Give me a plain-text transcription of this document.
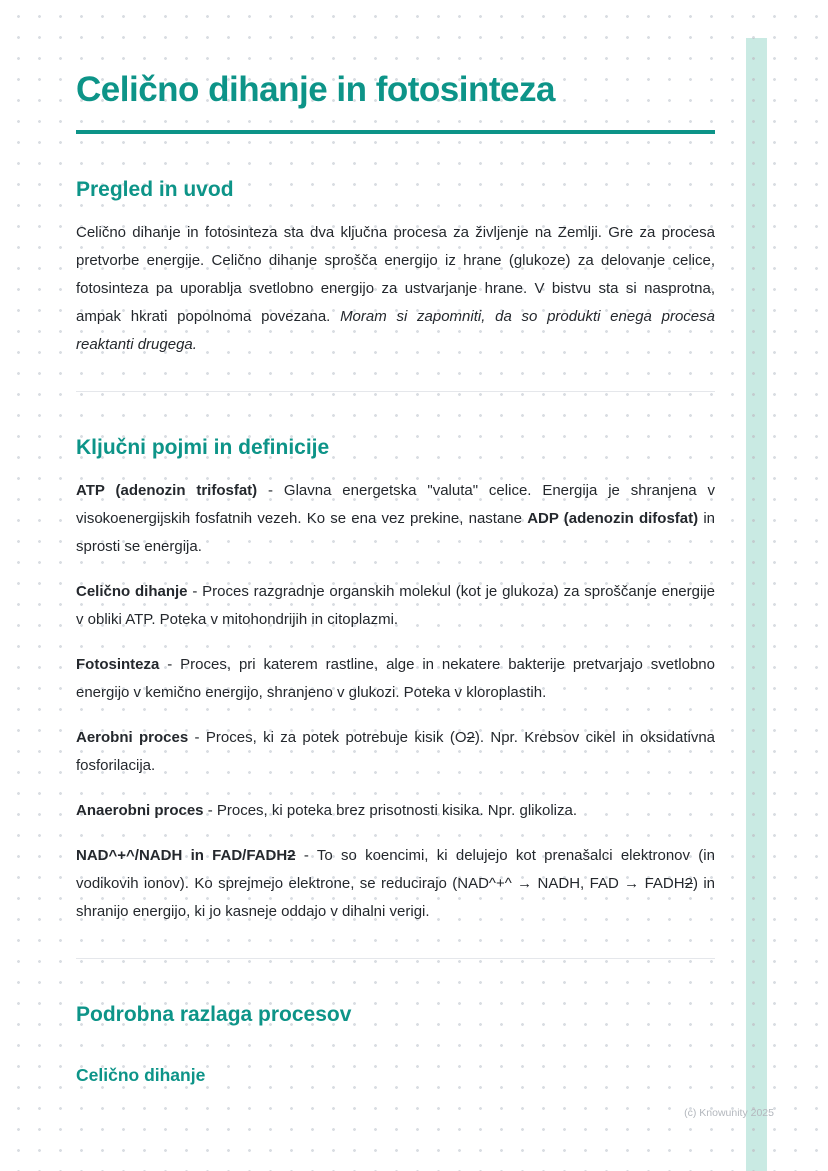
Celično dihanje in fotosinteza
Pregled in uvod

Celično dihanje in fotosinteza sta dva ključna procesa za življenje na Zemlji. Gre za procesa pretvorbe energije. Celično dihanje sprošča energijo iz hrane (glukoze) za delovanje celice, fotosinteza pa uporablja svetlobno energijo za ustvarjanje hrane. V bistvu sta si nasprotna, ampak hkrati popolnoma povezana. Moram si zapomniti, da so produkti enega procesa reaktanti drugega.

Ključni pojmi in definicije

ATP (adenozin trifosfat) - Glavna energetska "valuta" celice. Energija je shranjena v visokoenergijskih fosfatnih vezeh. Ko se ena vez prekine, nastane ADP (adenozin difosfat) in sprosti se energija.

Celično dihanje - Proces razgradnje organskih molekul (kot je glukoza) za sproščanje energije v obliki ATP. Poteka v mitohondrijih in citoplazmi.

Fotosinteza - Proces, pri katerem rastline, alge in nekatere bakterije pretvarjajo svetlobno energijo v kemično energijo, shranjeno v glukozi. Poteka v kloroplastih.

Aerobni proces - Proces, ki za potek potrebuje kisik (O2). Npr. Krebsov cikel in oksidativna fosforilacija.

Anaerobni proces - Proces, ki poteka brez prisotnosti kisika. Npr. glikoliza.

NAD^+^/NADH in FAD/FADH2 - To so koencimi, ki delujejo kot prenašalci elektronov (in vodikovih ionov). Ko sprejmejo elektrone, se reducirajo (NAD^+^ → NADH, FAD → FADH2) in shranijo energijo, ki jo kasneje oddajo v dihalni verigi.

Podrobna razlaga procesov
Celično dihanje
(c) Knowunity 2025
